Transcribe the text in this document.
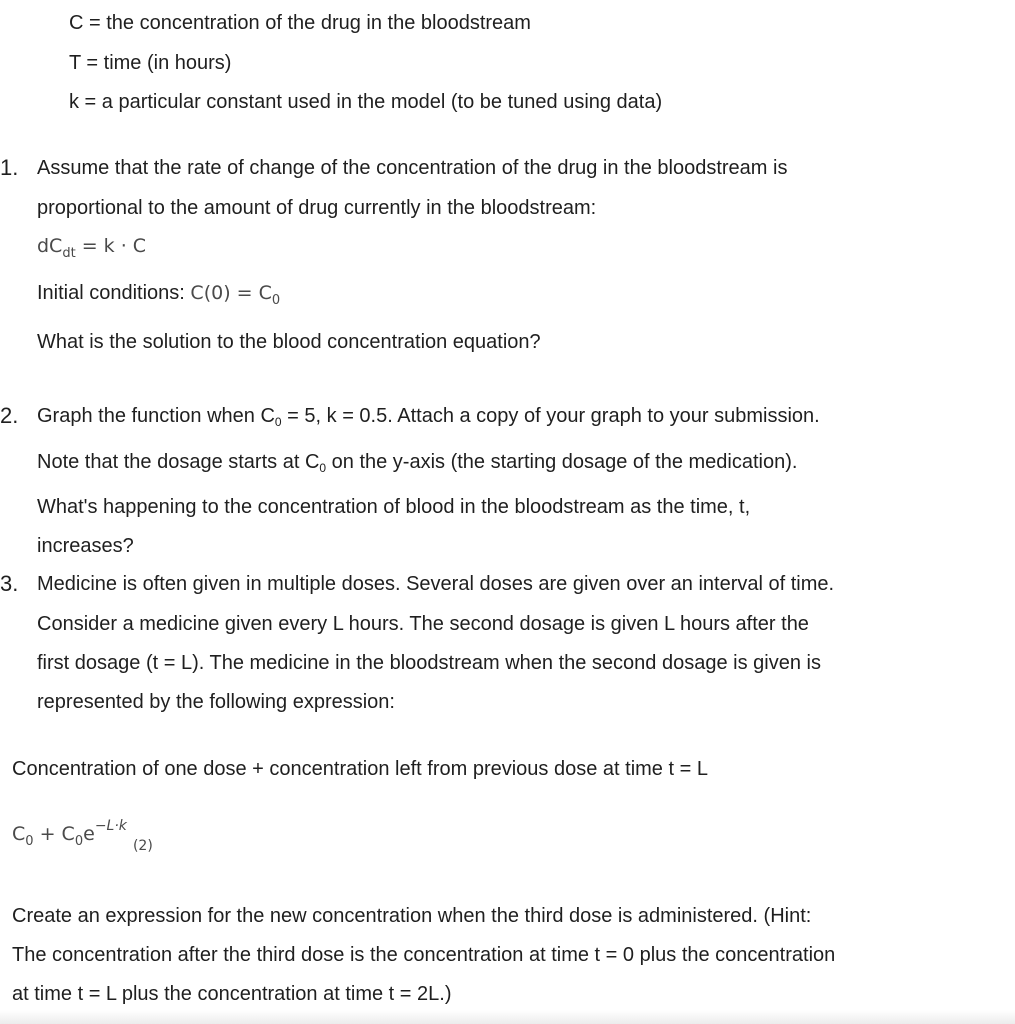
C = the concentration of the drug in the bloodstream
T = time (in hours)
k = a particular constant used in the model (to be tuned using data)
1. Assume that the rate of change of the concentration of the drug in the bloodstream is
proportional to the amount of drug currently in the bloodstream:
$dC_{dt} = k \cdot C$
Initial conditions: $C(0) = C_0$
What is the solution to the blood concentration equation?
2. Graph the function when $C_0 = 5$, k = 0.5. Attach a copy of your graph to your submission.
Note that the dosage starts at $C_0$ on the y-axis (the starting dosage of the medication).
What's happening to the concentration of blood in the bloodstream as the time, t,
increases?
3. Medicine is often given in multiple doses. Several doses are given over an interval of time.
Consider a medicine given every L hours. The second dosage is given L hours after the
first dosage (t = L). The medicine in the bloodstream when the second dosage is given is
represented by the following expression:
Concentration of one dose + concentration left from previous dose at time t = L
$C_0 + C_0e^{-L\cdot k}$ $_{(2)}$
Create an expression for the new concentration when the third dose is administered. (Hint:
The concentration after the third dose is the concentration at time t = 0 plus the concentration
at time t = L plus the concentration at time t = 2L.)
